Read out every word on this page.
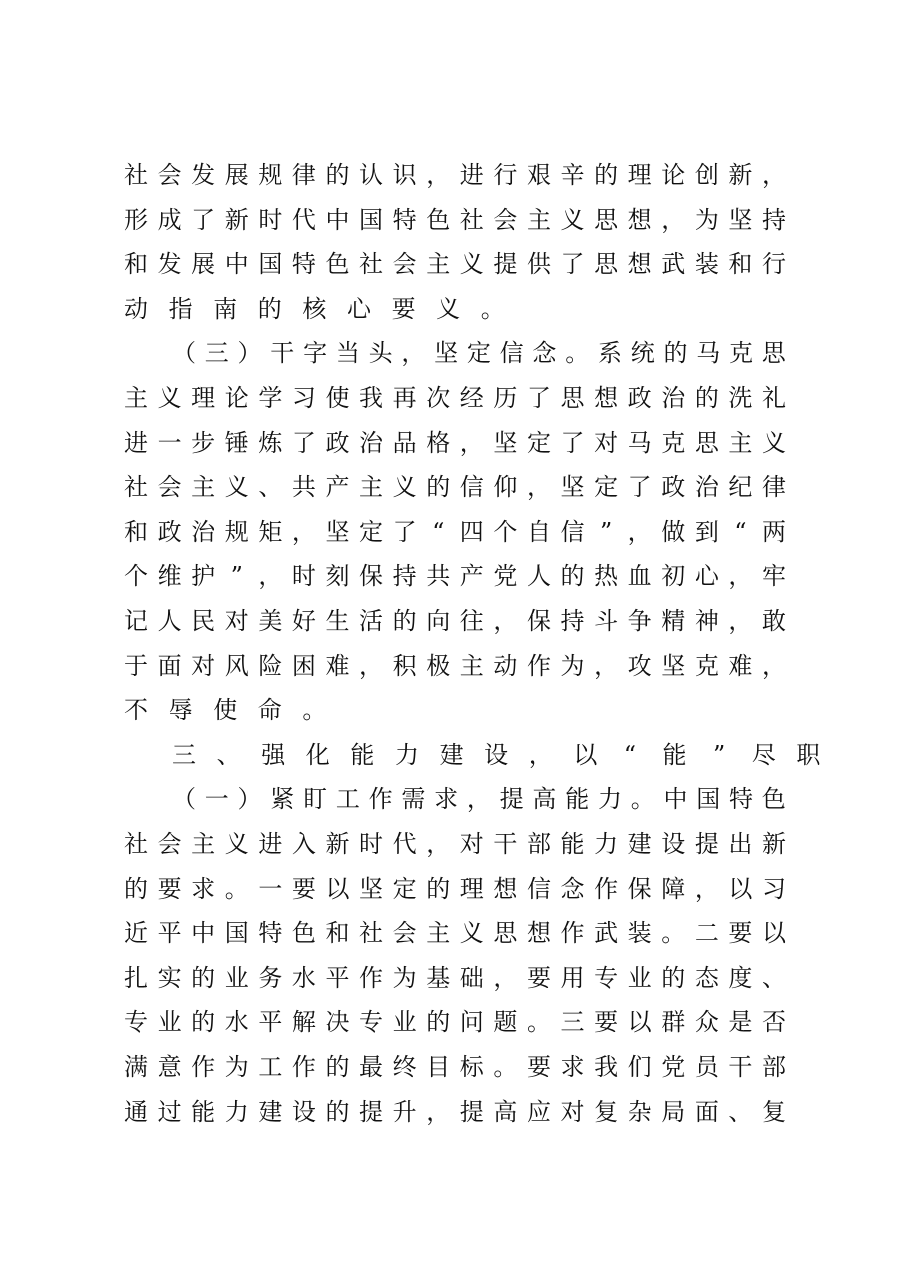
社 会 发 展 规 律 的 认 识 ， 进 行 艰 辛 的 理 论 创 新 ，
形 成 了 新 时 代 中 国 特 色 社 会 主 义 思 想 ， 为 坚 持
和 发 展 中 国 特 色 社 会 主 义 提 供 了 思 想 武 装 和 行
动 指 南 的 核 心 要 义 。
（ 三 ） 干 字 当 头 ， 坚 定 信 念 。 系 统 的 马 克 思
主 义 理 论 学 习 使 我 再 次 经 历 了 思 想 政 治 的 洗 礼
进 一 步 锤 炼 了 政 治 品 格 ， 坚 定 了 对 马 克 思 主 义
社 会 主 义 、 共 产 主 义 的 信 仰 ， 坚 定 了 政 治 纪 律
和 政 治 规 矩 ， 坚 定 了 “ 四 个 自 信 ” ， 做 到 “ 两
个 维 护 ” ， 时 刻 保 持 共 产 党 人 的 热 血 初 心 ， 牢
记 人 民 对 美 好 生 活 的 向 往 ， 保 持 斗 争 精 神 ， 敢
于 面 对 风 险 困 难 ， 积 极 主 动 作 为 ， 攻 坚 克 难 ，
不 辱 使 命 。
三 、 强 化 能 力 建 设 ， 以 “ 能 ” 尽 职
（ 一 ） 紧 盯 工 作 需 求 ， 提 高 能 力 。 中 国 特 色
社 会 主 义 进 入 新 时 代 ， 对 干 部 能 力 建 设 提 出 新
的 要 求 。 一 要 以 坚 定 的 理 想 信 念 作 保 障 ， 以 习
近 平 中 国 特 色 和 社 会 主 义 思 想 作 武 装 。 二 要 以
扎 实 的 业 务 水 平 作 为 基 础 ， 要 用 专 业 的 态 度 、
专 业 的 水 平 解 决 专 业 的 问 题 。 三 要 以 群 众 是 否
满 意 作 为 工 作 的 最 终 目 标 。 要 求 我 们 党 员 干 部
通 过 能 力 建 设 的 提 升 ， 提 高 应 对 复 杂 局 面 、 复
